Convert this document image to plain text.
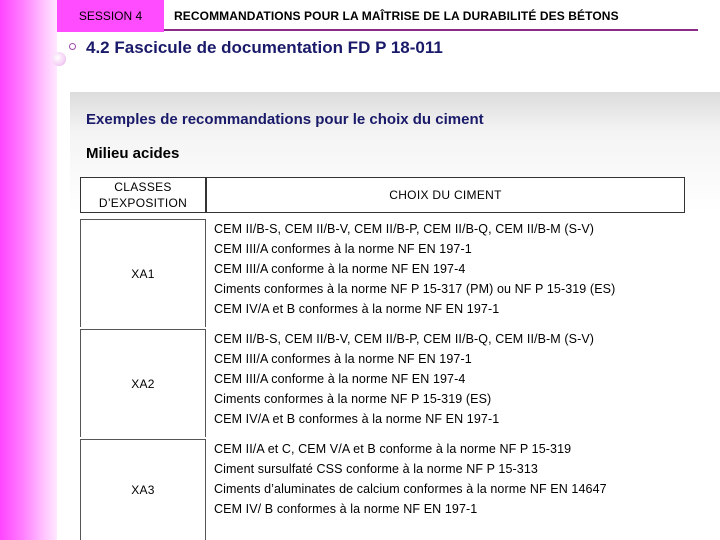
SESSION 4	RECOMMANDATIONS POUR LA MAÎTRISE DE LA DURABILITÉ DES BÉTONS
4.2 Fascicule de documentation FD P 18-011
Exemples de recommandations pour le choix du ciment
Milieu acides
CLASSES
D’EXPOSITION
CHOIX DU CIMENT
XA1
CEM II/B-S, CEM II/B-V, CEM II/B-P, CEM II/B-Q, CEM II/B-M (S-V)
CEM III/A conformes à la norme NF EN 197-1
CEM III/A conforme à la norme NF EN 197-4
Ciments conformes à la norme NF P 15-317 (PM) ou NF P 15-319 (ES)
CEM IV/A et B conformes à la norme NF EN 197-1
XA2
CEM II/B-S, CEM II/B-V, CEM II/B-P, CEM II/B-Q, CEM II/B-M (S-V)
CEM III/A conformes à la norme NF EN 197-1
CEM III/A conforme à la norme NF EN 197-4
Ciments conformes à la norme NF P 15-319 (ES)
CEM IV/A et B conformes à la norme NF EN 197-1
XA3
CEM II/A et C, CEM V/A et B conforme à la norme NF P 15-319
Ciment sursulfaté CSS conforme à la norme NF P 15-313
Ciments d’aluminates de calcium conformes à la norme NF EN 14647
CEM IV/ B conformes à la norme NF EN 197-1
